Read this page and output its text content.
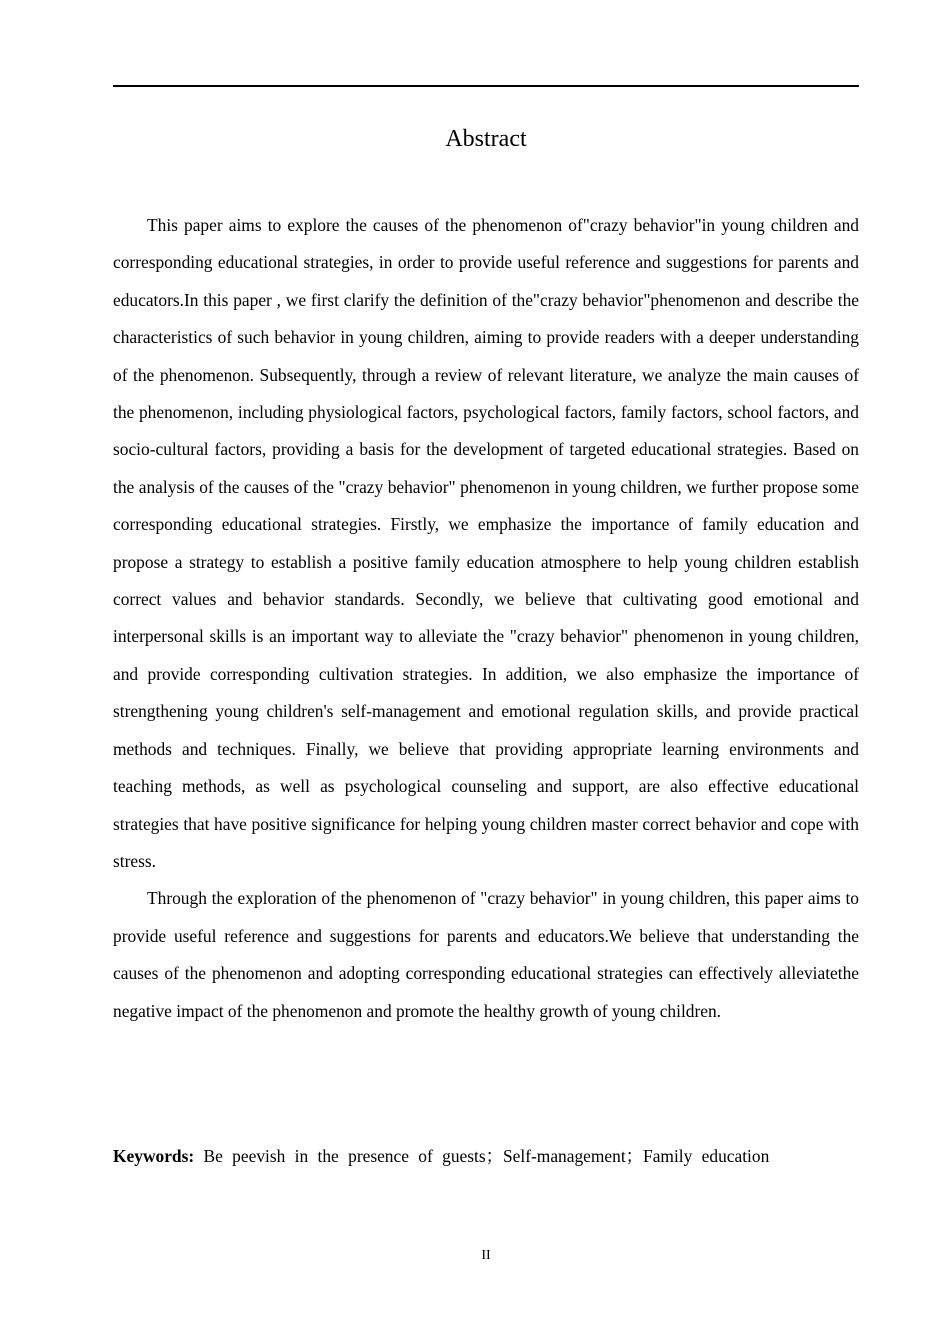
Abstract

This paper aims to explore the causes of the phenomenon of"crazy behavior"in young children and corresponding educational strategies, in order to provide useful reference and suggestions for parents and educators.In this paper , we first clarify the definition of the"crazy behavior"phenomenon and describe the characteristics of such behavior in young children, aiming to provide readers with a deeper understanding of the phenomenon. Subsequently, through a review of relevant literature, we analyze the main causes of the phenomenon, including physiological factors, psychological factors, family factors, school factors, and socio-cultural factors, providing a basis for the development of targeted educational strategies. Based on the analysis of the causes of the "crazy behavior" phenomenon in young children, we further propose some corresponding educational strategies. Firstly, we emphasize the importance of family education and propose a strategy to establish a positive family education atmosphere to help young children establish correct values and behavior standards. Secondly, we believe that cultivating good emotional and interpersonal skills is an important way to alleviate the "crazy behavior" phenomenon in young children, and provide corresponding cultivation strategies. In addition, we also emphasize the importance of strengthening young children's self-management and emotional regulation skills, and provide practical methods and techniques. Finally, we believe that providing appropriate learning environments and teaching methods, as well as psychological counseling and support, are also effective educational strategies that have positive significance for helping young children master correct behavior and cope with stress.

Through the exploration of the phenomenon of "crazy behavior" in young children, this paper aims to provide useful reference and suggestions for parents and educators.We believe that understanding the causes of the phenomenon and adopting corresponding educational strategies can effectively alleviatethe negative impact of the phenomenon and promote the healthy growth of young children.

Keywords: Be peevish in the presence of guests；Self-management；Family education
II
